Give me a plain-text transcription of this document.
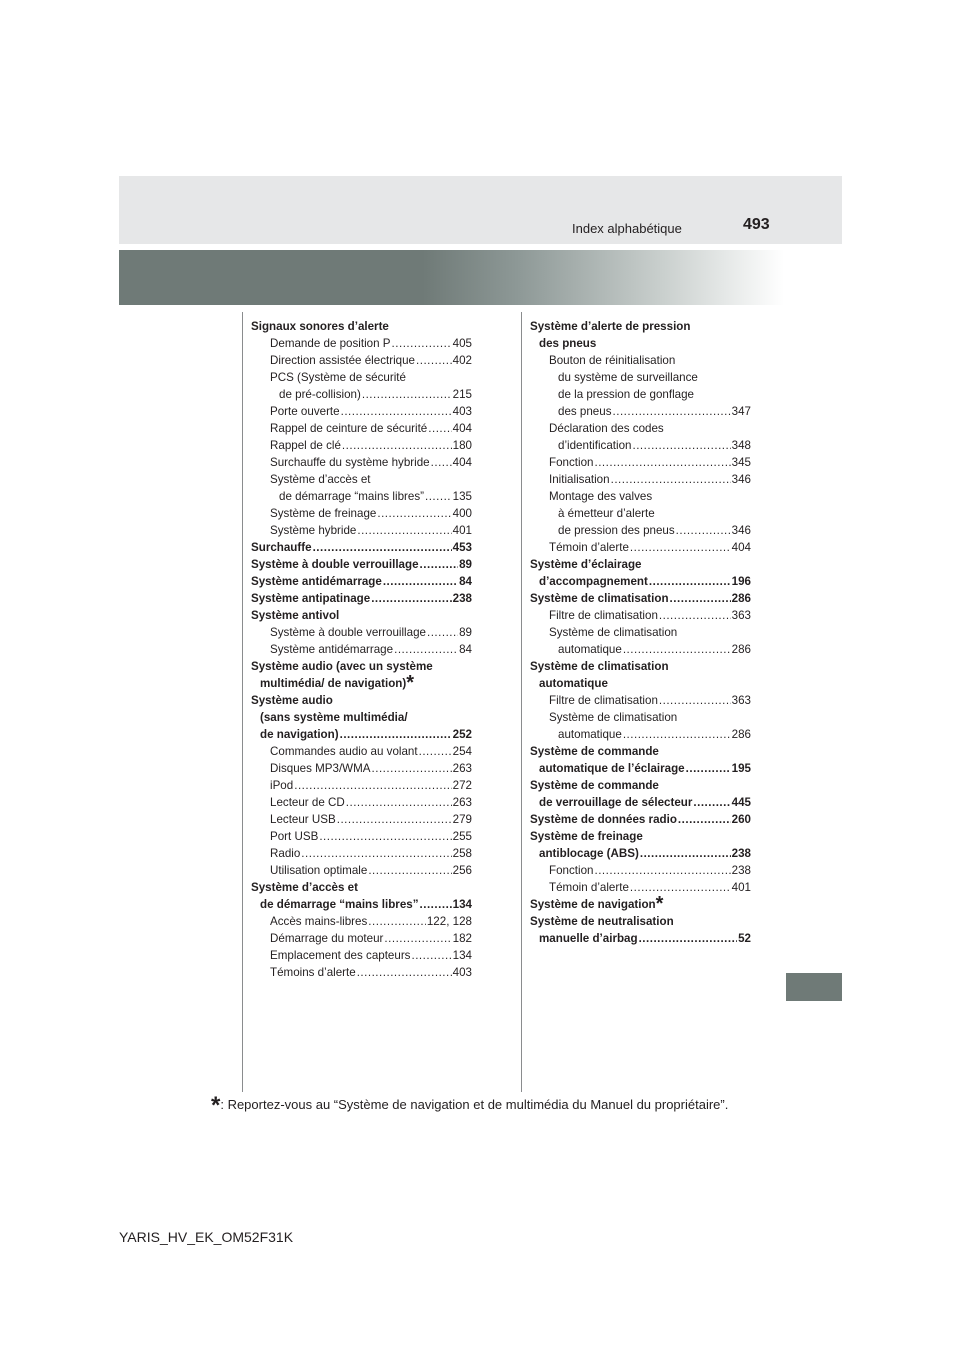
Index alphabétique	493
Signaux sonores d’alerte
Demande de position P .....	405
Direction assistée électrique .....	402
PCS (Système de sécurité
de pré-collision) .....	215
Porte ouverte .....	403
Rappel de ceinture de sécurité ..... 404
Rappel de clé .....	180
Surchauffe du système hybride ..... 404
Système d’accès et
de démarrage “mains libres” ..... 135
Système de freinage .....	400
Système hybride .....	401
Surchauffe .....	453
Système à double verrouillage .....	89
Système antidémarrage .....	84
Système antipatinage .....	238
Système antivol
Système à double verrouillage .....	89
Système antidémarrage .....	84
Système audio (avec un système
multimédia/ de navigation)*
Système audio
(sans système multimédia/
de navigation) .....	252
Commandes audio au volant .....	254
Disques MP3/WMA .....	263
iPod .....	272
Lecteur de CD .....	263
Lecteur USB .....	279
Port USB .....	255
Radio .....	258
Utilisation optimale .....	256
Système d’accès et
de démarrage “mains libres” .....	134
Accès mains-libres .....	122, 128
Démarrage du moteur .....	182
Emplacement des capteurs .....	134
Témoins d’alerte .....	403
Système d’alerte de pression
des pneus
Bouton de réinitialisation
du système de surveillance
de la pression de gonflage
des pneus .....	347
Déclaration des codes
d’identification .....	348
Fonction .....	345
Initialisation .....	346
Montage des valves
à émetteur d’alerte
de pression des pneus .....	346
Témoin d’alerte .....	404
Système d’éclairage
d’accompagnement .....	196
Système de climatisation .....	286
Filtre de climatisation .....	363
Système de climatisation
automatique .....	286
Système de climatisation
automatique
Filtre de climatisation .....	363
Système de climatisation
automatique .....	286
Système de commande
automatique de l’éclairage .....	195
Système de commande
de verrouillage de sélecteur .....	445
Système de données radio .....	260
Système de freinage
antiblocage (ABS) .....	238
Fonction .....	238
Témoin d’alerte .....	401
Système de navigation*
Système de neutralisation
manuelle d’airbag .....	52
*: Reportez-vous au “Système de navigation et de multimédia du Manuel du propriétaire”.
YARIS_HV_EK_OM52F31K
